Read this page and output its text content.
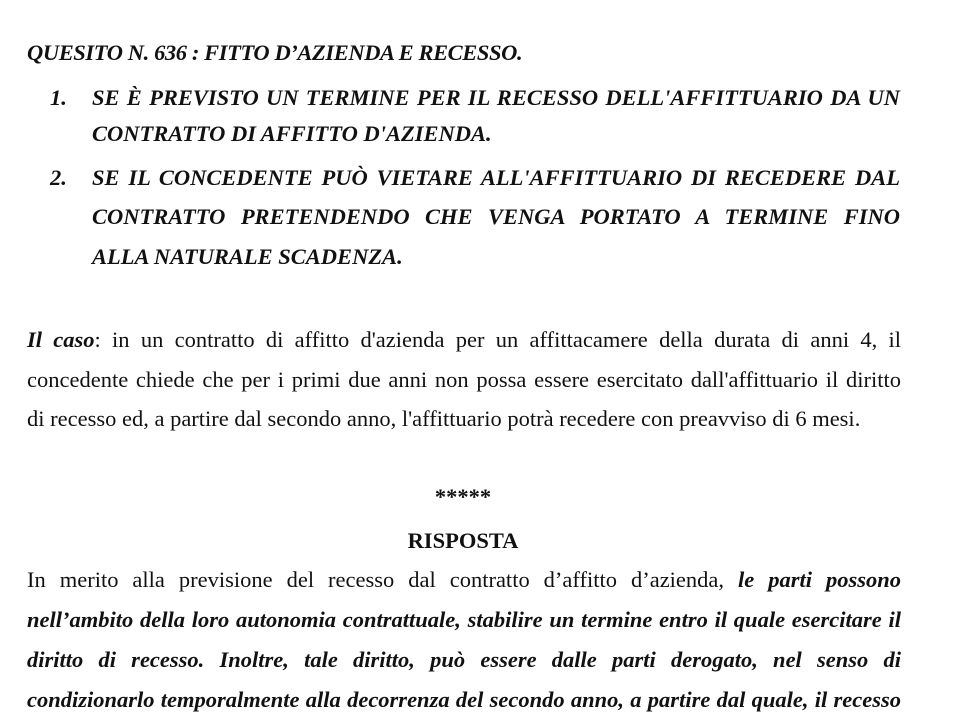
QUESITO N. 636 : FITTO D’AZIENDA E RECESSO.
1. SE È PREVISTO UN TERMINE PER IL RECESSO DELL'AFFITTUARIO DA UN
CONTRATTO DI AFFITTO D'AZIENDA.
2. SE IL CONCEDENTE PUÒ VIETARE ALL'AFFITTUARIO DI RECEDERE DAL
CONTRATTO PRETENDENDO CHE VENGA PORTATO A TERMINE FINO
ALLA NATURALE SCADENZA.
Il caso: in un contratto di affitto d'azienda per un affittacamere della durata di anni 4, il
concedente chiede che per i primi due anni non possa essere esercitato dall'affittuario il diritto
di recesso ed, a partire dal secondo anno, l'affittuario potrà recedere con preavviso di 6 mesi.
*****
RISPOSTA
In merito alla previsione del recesso dal contratto d’affitto d’azienda, le parti possono
nell’ambito della loro autonomia contrattuale, stabilire un termine entro il quale esercitare il
diritto di recesso. Inoltre, tale diritto, può essere dalle parti derogato, nel senso di
condizionarlo temporalmente alla decorrenza del secondo anno, a partire dal quale, il recesso
